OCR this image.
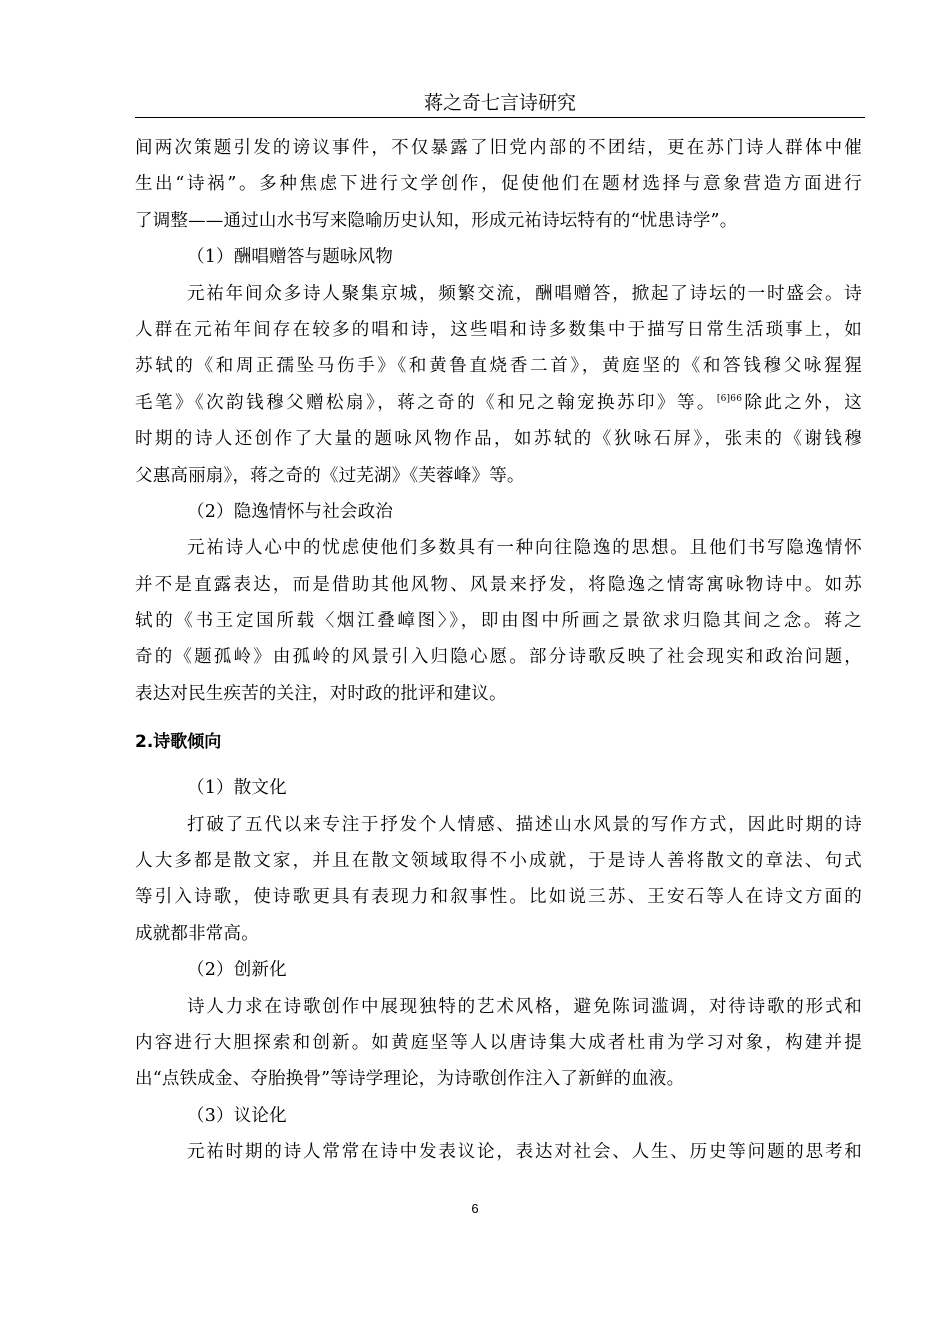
蒋之奇七言诗研究
间两次策题引发的谤议事件，不仅暴露了旧党内部的不团结，更在苏门诗人群体中催
生出“诗祸”。多种焦虑下进行文学创作，促使他们在题材选择与意象营造方面进行
了调整——通过山水书写来隐喻历史认知，形成元祐诗坛特有的“忧患诗学”。
（1）酬唱赠答与题咏风物
元祐年间众多诗人聚集京城，频繁交流，酬唱赠答，掀起了诗坛的一时盛会。诗
人群在元祐年间存在较多的唱和诗，这些唱和诗多数集中于描写日常生活琐事上，如
苏轼的《和周正孺坠马伤手》《和黄鲁直烧香二首》，黄庭坚的《和答钱穆父咏猩猩
毛笔》《次韵钱穆父赠松扇》，蒋之奇的《和兄之翰宠换苏印》等。$^{[6]66}$除此之外，这
时期的诗人还创作了大量的题咏风物作品，如苏轼的《狄咏石屏》，张耒的《谢钱穆
父惠高丽扇》，蒋之奇的《过芜湖》《芙蓉峰》等。
（2）隐逸情怀与社会政治
元祐诗人心中的忧虑使他们多数具有一种向往隐逸的思想。且他们书写隐逸情怀
并不是直露表达，而是借助其他风物、风景来抒发，将隐逸之情寄寓咏物诗中。如苏
轼的《书王定国所载〈烟江叠嶂图〉》，即由图中所画之景欲求归隐其间之念。蒋之
奇的《题孤岭》由孤岭的风景引入归隐心愿。部分诗歌反映了社会现实和政治问题，
表达对民生疾苦的关注，对时政的批评和建议。
2.诗歌倾向
（1）散文化
打破了五代以来专注于抒发个人情感、描述山水风景的写作方式，因此时期的诗
人大多都是散文家，并且在散文领域取得不小成就，于是诗人善将散文的章法、句式
等引入诗歌，使诗歌更具有表现力和叙事性。比如说三苏、王安石等人在诗文方面的
成就都非常高。
（2）创新化
诗人力求在诗歌创作中展现独特的艺术风格，避免陈词滥调，对待诗歌的形式和
内容进行大胆探索和创新。如黄庭坚等人以唐诗集大成者杜甫为学习对象，构建并提
出“点铁成金、夺胎换骨”等诗学理论，为诗歌创作注入了新鲜的血液。
（3）议论化
元祐时期的诗人常常在诗中发表议论，表达对社会、人生、历史等问题的思考和
6
